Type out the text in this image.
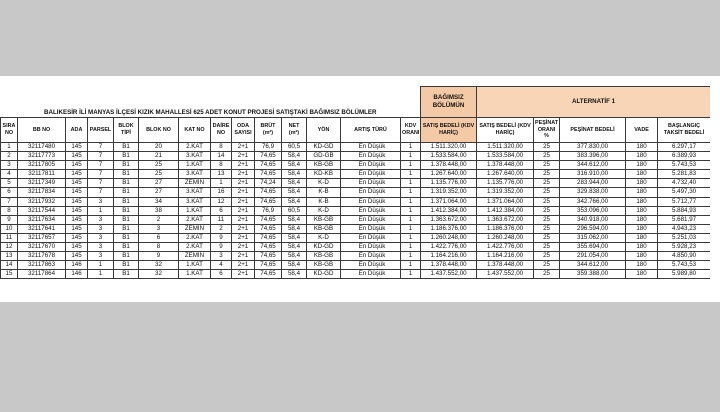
BALIKESİR İLİ MANYAS İLÇESİ KIZIK MAHALLESİ 625 ADET KONUT PROJESİ SATIŞTAKİ BAĞIMSIZ BÖLÜMLER														BAĞIMSIZ BÖLÜMÜN	ALTERNATİF 1				
SIRA NO	BB NO	ADA	PARSEL	BLOK TİPİ	BLOK NO	KAT NO	DAİRE NO	ODA SAYISI	BRÜT (m²)	NET (m²)	YÖN	ARTIŞ TÜRÜ	KDV ORANI	SATIŞ BEDELİ (KDV HARİÇ)	SATIŞ BEDELİ (KDV HARİÇ)	PEŞİNAT ORANI %	PEŞİNAT BEDELİ	VADE	BAŞLANGIÇ TAKSİT BEDELİ
1	32117480	145	7	B1	20	2.KAT	8	2+1	76,9	60,5	KD-GD	En Düşük	1	1.511.320,00	1.511.320,00	25	377.830,00	180	6.297,17
2	32117773	145	7	B1	21	3.KAT	14	2+1	74,65	58,4	GD-GB	En Düşük	1	1.533.584,00	1.533.584,00	25	383.396,00	180	6.389,93
3	32117805	145	7	B1	25	1.KAT	8	2+1	74,65	58,4	KB-GB	En Düşük	1	1.378.448,00	1.378.448,00	25	344.612,00	180	5.743,53
4	32117811	145	7	B1	25	3.KAT	13	2+1	74,65	58,4	KD-KB	En Düşük	1	1.267.640,00	1.267.640,00	25	316.910,00	180	5.281,83
5	32117349	145	7	B1	27	ZEMİN	1	2+1	74,24	58,4	K-D	En Düşük	1	1.135.776,00	1.135.776,00	25	283.944,00	180	4.732,40
6	32117834	145	7	B1	27	3.KAT	16	2+1	74,65	58,4	K-B	En Düşük	1	1.319.352,00	1.319.352,00	25	329.838,00	180	5.497,30
7	32117932	145	3	B1	34	3.KAT	12	2+1	74,65	58,4	K-B	En Düşük	1	1.371.064,00	1.371.064,00	25	342.766,00	180	5.712,77
8	32117544	145	1	B1	38	1.KAT	6	2+1	76,9	60,5	K-D	En Düşük	1	1.412.384,00	1.412.384,00	25	353.096,00	180	5.884,93
9	32117634	145	3	B1	2	2.KAT	11	2+1	74,65	58,4	KB-GB	En Düşük	1	1.363.672,00	1.363.672,00	25	340.918,00	180	5.681,97
10	32117641	145	3	B1	3	ZEMİN	2	2+1	74,65	58,4	KB-GB	En Düşük	1	1.186.376,00	1.186.376,00	25	296.594,00	180	4.943,23
11	32117657	145	3	B1	6	2.KAT	9	2+1	74,65	58,4	K-D	En Düşük	1	1.260.248,00	1.260.248,00	25	315.062,00	180	5.251,03
12	32117670	145	3	B1	8	2.KAT	9	2+1	74,65	58,4	KD-GD	En Düşük	1	1.422.776,00	1.422.776,00	25	355.694,00	180	5.928,23
13	32117678	145	3	B1	9	ZEMİN	3	2+1	74,65	58,4	KB-GB	En Düşük	1	1.164.216,00	1.164.216,00	25	291.054,00	180	4.850,90
14	32117863	146	1	B1	32	1.KAT	4	2+1	74,65	58,4	KB-GB	En Düşük	1	1.378.448,00	1.378.448,00	25	344.612,00	180	5.743,53
15	32117864	146	1	B1	32	1.KAT	6	2+1	74,65	58,4	KD-GD	En Düşük	1	1.437.552,00	1.437.552,00	25	359.388,00	180	5.989,80
